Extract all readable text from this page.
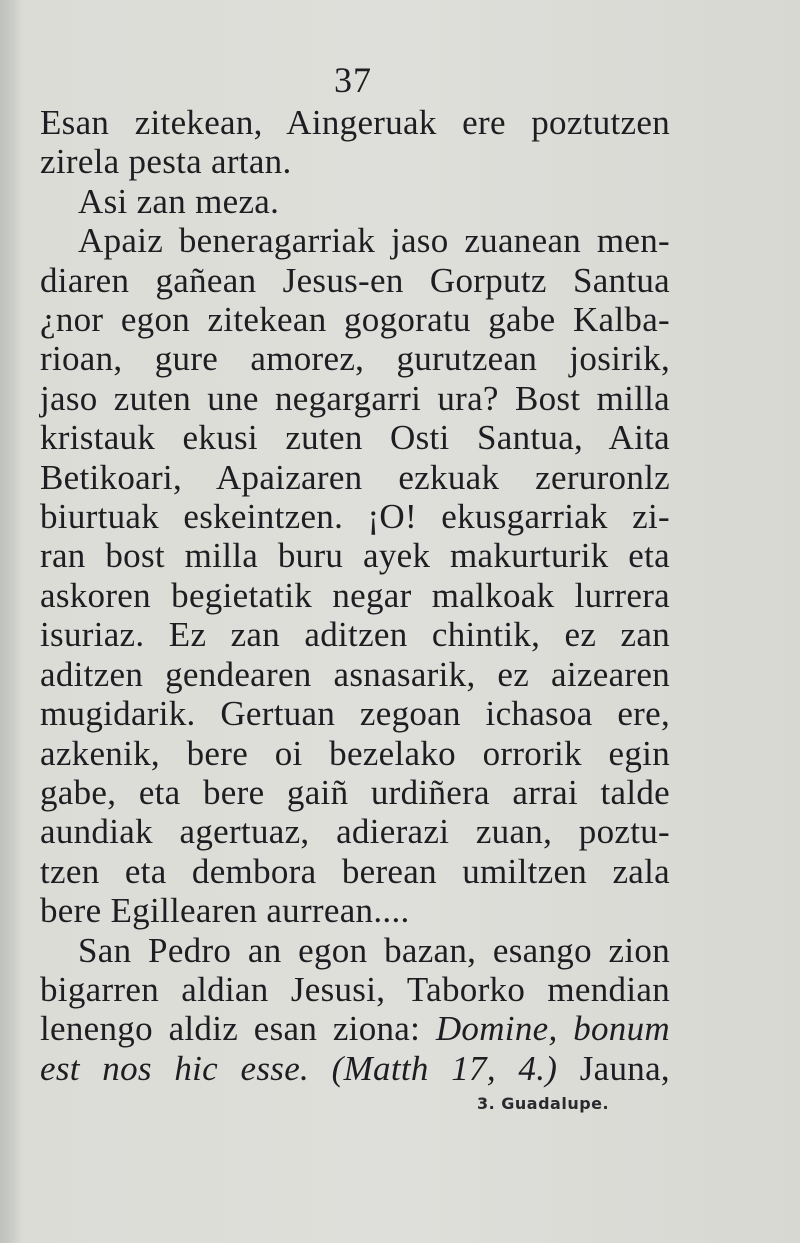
37
Esan zitekean, Aingeruak ere poztutzen
zirela pesta artan.
Asi zan meza.
Apaiz beneragarriak jaso zuanean men-
diaren gañean Jesus-en Gorputz Santua
¿nor egon zitekean gogoratu gabe Kalba-
rioan, gure amorez, gurutzean josirik,
jaso zuten une negargarri ura? Bost milla
kristauk ekusi zuten Osti Santua, Aita
Betikoari, Apaizaren ezkuak zeruronlz
biurtuak eskeintzen. ¡O! ekusgarriak zi-
ran bost milla buru ayek makurturik eta
askoren begietatik negar malkoak lurrera
isuriaz. Ez zan aditzen chintik, ez zan
aditzen gendearen asnasarik, ez aizearen
mugidarik. Gertuan zegoan ichasoa ere,
azkenik, bere oi bezelako orrorik egin
gabe, eta bere gaiñ urdiñera arrai talde
aundiak agertuaz, adierazi zuan, poztu-
tzen eta dembora berean umiltzen zala
bere Egillearen aurrean....
San Pedro an egon bazan, esango zion
bigarren aldian Jesusi, Taborko mendian
lenengo aldiz esan ziona: Domine, bonum
est nos hic esse. (Matth 17, 4.) Jauna,
3. Guadalupe.
